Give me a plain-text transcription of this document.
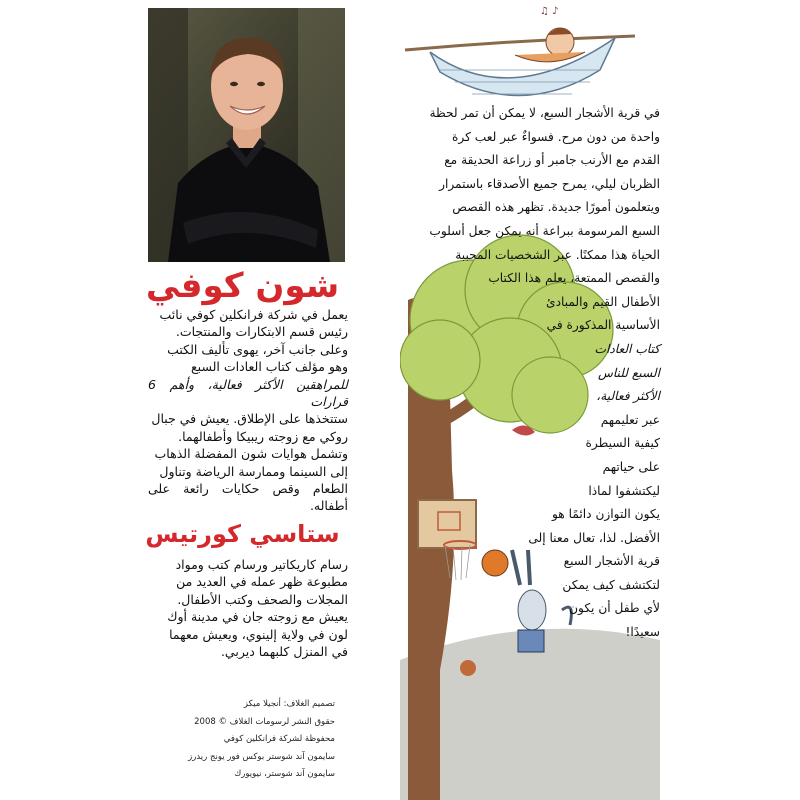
شون كوفي
يعمل في شركة فرانكلين كوفي نائب
رئيس قسم الابتكارات والمنتجات.
وعلى جانب آخر، يهوى تأليف الكتب
وهو مؤلف كتاب العادات السبع
للمراهقين الأكثر فعالية، وأهم 6 قرارات
ستتخذها على الإطلاق. يعيش في جبال
روكي مع زوجته ريبيكا وأطفالهما.
وتشمل هوايات شون المفضلة الذهاب
إلى السينما وممارسة الرياضة وتناول
الطعام وقص حكايات رائعة على أطفاله.
ستاسي كورتيس
رسام كاريكاتير ورسام كتب ومواد
مطبوعة ظهر عمله في العديد من
المجلات والصحف وكتب الأطفال.
يعيش مع زوجته جان في مدينة أوك
لون في ولاية إلينوي، ويعيش معهما
في المنزل كلبهما ديربي.
تصميم الغلاف: أنجيلا ميكز
حقوق النشر لرسومات الغلاف © 2008
محفوظة لشركة فرانكلين كوفي
سايمون آند شوستر بوكس فور يونج ريدرز
سايمون آند شوستر، نيويورك
♫ ♪
في قرية الأشجار السبع، لا يمكن أن تمر لحظة
واحدة من دون مرح. فسواءٌ عبر لعب كرة
القدم مع الأرنب جامبر أو زراعة الحديقة مع
الظربان ليلي، يمرح جميع الأصدقاء باستمرار
ويتعلمون أمورًا جديدة. تظهر هذه القصص
السبع المرسومة ببراعة أنه يمكن جعل أسلوب
الحياة هذا ممكنًا. عبر الشخصيات المحببة
والقصص الممتعة، يعلم هذا الكتاب
الأطفال القيم والمبادئ
الأساسية المذكورة في
كتاب العادات
السبع للناس
الأكثر فعالية،
عبر تعليمهم
كيفية السيطرة
على حياتهم
ليكتشفوا لماذا
يكون التوازن دائمًا هو
الأفضل. لذا، تعال معنا إلى
قرية الأشجار السبع
لتكتشف كيف يمكن
لأي طفل أن يكون
سعيدًا!
